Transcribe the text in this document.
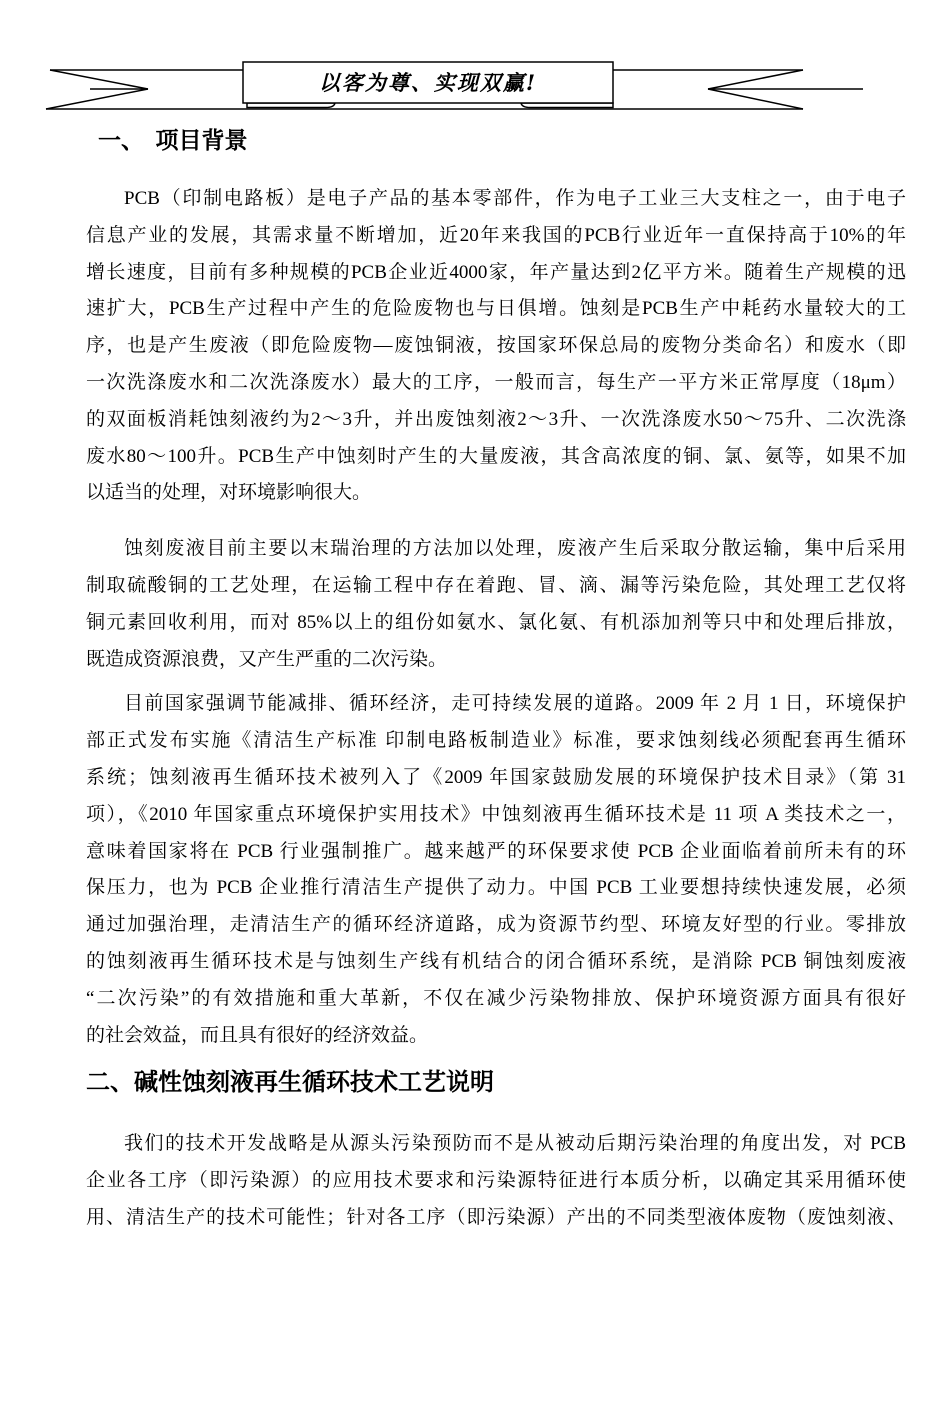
以客为尊、实现双赢!
一、　项目背景
PCB（印制电路板）是电子产品的基本零部件，作为电子工业三大支柱之一，由于电子
信息产业的发展，其需求量不断增加，近20年来我国的PCB行业近年一直保持高于10%的年
增长速度，目前有多种规模的PCB企业近4000家，年产量达到2亿平方米。随着生产规模的迅
速扩大，PCB生产过程中产生的危险废物也与日俱增。蚀刻是PCB生产中耗药水量较大的工
序，也是产生废液（即危险废物—废蚀铜液，按国家环保总局的废物分类命名）和废水（即
一次洗涤废水和二次洗涤废水）最大的工序，一般而言，每生产一平方米正常厚度（18μm）
的双面板消耗蚀刻液约为2～3升，并出废蚀刻液2～3升、一次洗涤废水50～75升、二次洗涤
废水80～100升。PCB生产中蚀刻时产生的大量废液，其含高浓度的铜、氯、氨等，如果不加
以适当的处理，对环境影响很大。
蚀刻废液目前主要以末瑞治理的方法加以处理，废液产生后采取分散运输，集中后采用
制取硫酸铜的工艺处理，在运输工程中存在着跑、冒、滴、漏等污染危险，其处理工艺仅将
铜元素回收利用，而对 85%以上的组份如氨水、氯化氨、有机添加剂等只中和处理后排放，
既造成资源浪费，又产生严重的二次污染。
目前国家强调节能减排、循环经济，走可持续发展的道路。2009 年 2 月 1 日，环境保护
部正式发布实施《清洁生产标准 印制电路板制造业》标准，要求蚀刻线必须配套再生循环
系统；蚀刻液再生循环技术被列入了《2009 年国家鼓励发展的环境保护技术目录》（第 31
项），《2010 年国家重点环境保护实用技术》中蚀刻液再生循环技术是 11 项 A 类技术之一，
意味着国家将在 PCB 行业强制推广。越来越严的环保要求使 PCB 企业面临着前所未有的环
保压力，也为 PCB 企业推行清洁生产提供了动力。中国 PCB 工业要想持续快速发展，必须
通过加强治理，走清洁生产的循环经济道路，成为资源节约型、环境友好型的行业。零排放
的蚀刻液再生循环技术是与蚀刻生产线有机结合的闭合循环系统，是消除 PCB 铜蚀刻废液
“二次污染”的有效措施和重大革新，不仅在减少污染物排放、保护环境资源方面具有很好
的社会效益，而且具有很好的经济效益。
二、碱性蚀刻液再生循环技术工艺说明
我们的技术开发战略是从源头污染预防而不是从被动后期污染治理的角度出发，对 PCB
企业各工序（即污染源）的应用技术要求和污染源特征进行本质分析，以确定其采用循环使
用、清洁生产的技术可能性；针对各工序（即污染源）产出的不同类型液体废物（废蚀刻液、
